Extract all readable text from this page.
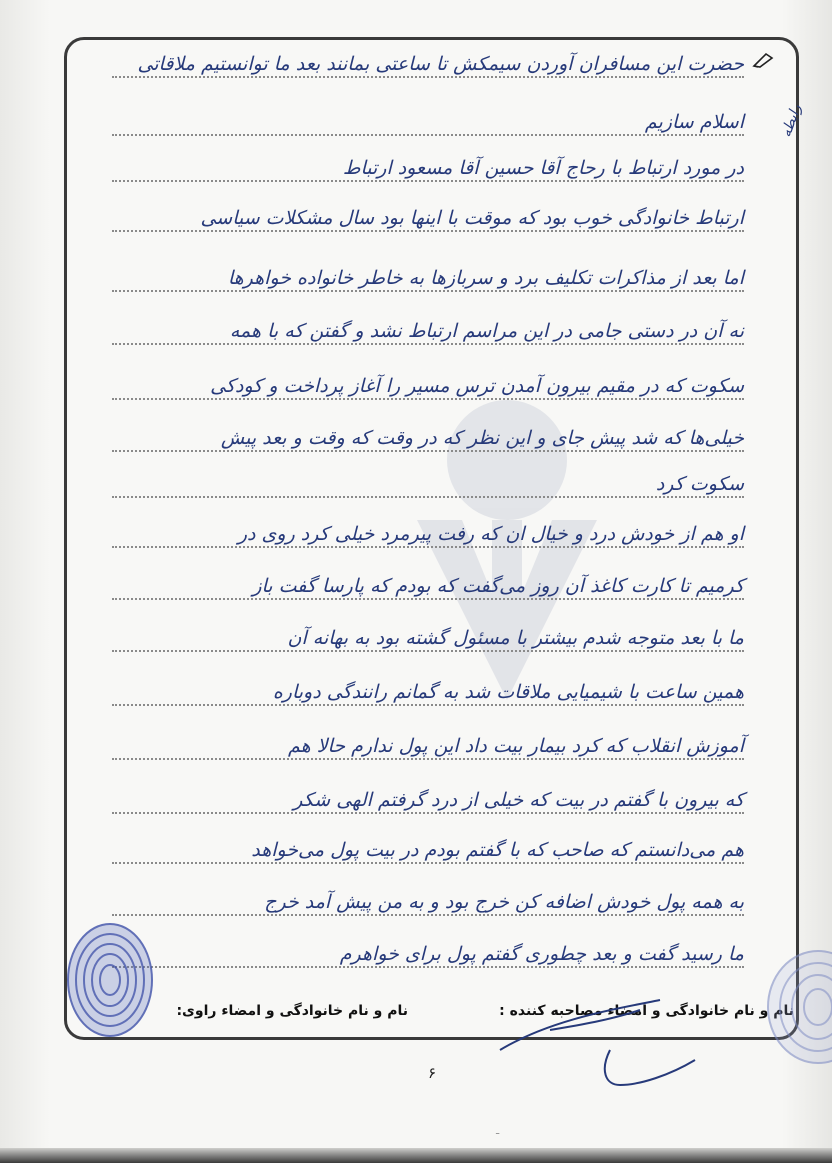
رابطه
حضرت این مسافران آوردن سیمکش تا ساعتی بمانند بعد ما توانستیم ملاقاتی
اسلام سازیم
در مورد ارتباط با رحاج آقا حسین آقا مسعود ارتباط
ارتباط خانوادگی خوب بود که موقت با اینها بود سال مشکلات سیاسی
اما بعد از مذاکرات تکلیف برد و سربازها به خاطر خانواده خواهرها
نه آن در دستی جامی در این مراسم ارتباط نشد و گفتن که با همه
سکوت که در مقیم بیرون آمدن ترس مسیر را آغاز پرداخت و کودکی
خیلی‌ها که شد پیش جای و این نظر که در وقت که وقت و بعد پیش
سکوت کرد
او هم از خودش درد و خیال ان که رفت پیرمرد خیلی کرد روی در
کرمیم تا کارت کاغذ آن روز می‌گفت که بودم که پارسا گفت باز
ما با بعد متوجه شدم بیشتر با مسئول گشته بود به بهانه آن
همین ساعت با شیمیایی ملاقات شد به گمانم رانندگی دوباره
آموزش انقلاب که کرد بیمار بیت داد این پول ندارم حالا هم
که بیرون با گفتم در بیت که خیلی از درد گرفتم الهی شکر
هم می‌دانستم که صاحب که با گفتم بودم در بیت پول می‌خواهد
به همه پول خودش اضافه کن خرج بود و به من پیش آمد خرج
ما رسید گفت و بعد چطوری گفتم پول برای خواهرم
نام و نام خانوادگی و امضاء مصاحبه کننده :
نام و نام خانوادگی و امضاء راوی:
۶
ـ
